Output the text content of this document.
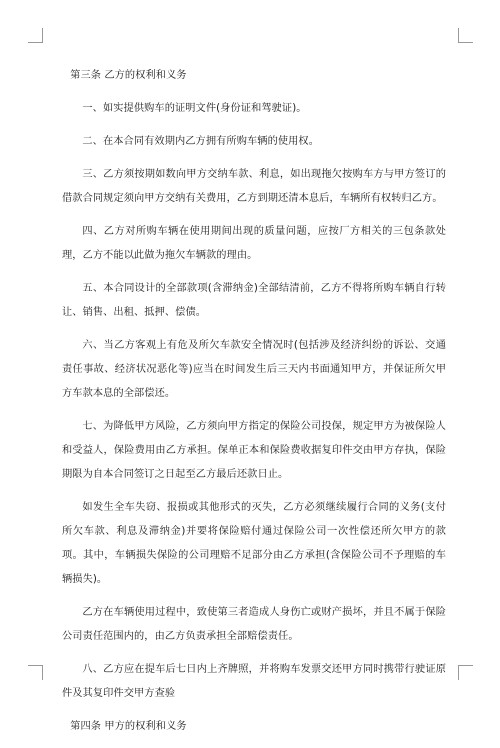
第三条 乙方的权利和义务

一、如实提供购车的证明文件(身份证和驾驶证)。

二、在本合同有效期内乙方拥有所购车辆的使用权。

三、乙方须按期如数向甲方交纳车款、利息，如出现拖欠按购车方与甲方签订的借款合同规定须向甲方交纳有关费用，乙方到期还清本息后，车辆所有权转归乙方。

四、乙方对所购车辆在使用期间出现的质量问题，应按厂方相关的三包条款处理，乙方不能以此做为拖欠车辆款的理由。

五、本合同设计的全部款项(含滞纳金)全部结清前，乙方不得将所购车辆自行转让、销售、出租、抵押、偿债。

六、当乙方客观上有危及所欠车款安全情况时(包括涉及经济纠纷的诉讼、交通责任事故、经济状况恶化等)应当在时间发生后三天内书面通知甲方，并保证所欠甲方车款本息的全部偿还。

七、为降低甲方风险，乙方须向甲方指定的保险公司投保，规定甲方为被保险人和受益人，保险费用由乙方承担。保单正本和保险费收据复印件交由甲方存执，保险期限为自本合同签订之日起至乙方最后还款日止。

如发生全车失窃、报损或其他形式的灭失，乙方必须继续履行合同的义务(支付所欠车款、利息及滞纳金)并要将保险赔付通过保险公司一次性偿还所欠甲方的款项。其中，车辆损失保险的公司理赔不足部分由乙方承担(含保险公司不予理赔的车辆损失)。

乙方在车辆使用过程中，致使第三者造成人身伤亡或财产损坏，并且不属于保险公司责任范围内的，由乙方负责承担全部赔偿责任。

八、乙方应在提车后七日内上齐牌照，并将购车发票交还甲方同时携带行驶证原件及其复印件交甲方查验

第四条 甲方的权利和义务
